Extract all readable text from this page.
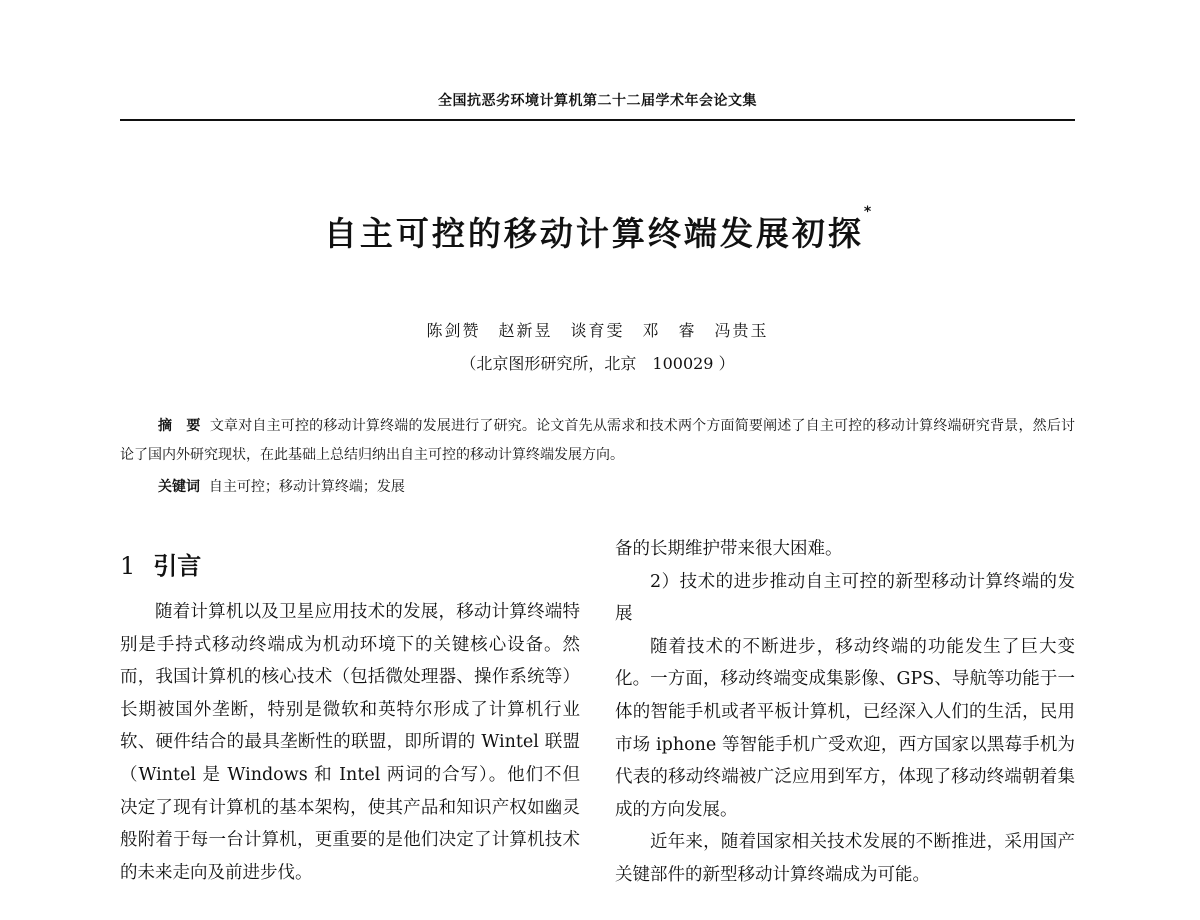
全国抗恶劣环境计算机第二十二届学术年会论文集
自主可控的移动计算终端发展初探*
陈剑赞　赵新昱　谈育雯　邓　睿　冯贵玉
（北京图形研究所，北京　100029 ）
摘　要 文章对自主可控的移动计算终端的发展进行了研究。论文首先从需求和技术两个方面简要阐述了自主可控的移动计算终端研究背景，然后讨论了国内外研究现状，在此基础上总结归纳出自主可控的移动计算终端发展方向。
关键词 自主可控；移动计算终端；发展
1 引言

随着计算机以及卫星应用技术的发展，移动计算终端特别是手持式移动终端成为机动环境下的关键核心设备。然而，我国计算机的核心技术（包括微处理器、操作系统等）长期被国外垄断，特别是微软和英特尔形成了计算机行业软、硬件结合的最具垄断性的联盟，即所谓的 Wintel 联盟（Wintel 是 Windows 和 Intel 两词的合写）。他们不但决定了现有计算机的基本架构，使其产品和知识产权如幽灵般附着于每一台计算机，更重要的是他们决定了计算机技术的未来走向及前进步伐。

备的长期维护带来很大困难。

2）技术的进步推动自主可控的新型移动计算终端的发展

随着技术的不断进步，移动终端的功能发生了巨大变化。一方面，移动终端变成集影像、GPS、导航等功能于一体的智能手机或者平板计算机，已经深入人们的生活，民用市场 iphone 等智能手机广受欢迎，西方国家以黑莓手机为代表的移动终端被广泛应用到军方，体现了移动终端朝着集成的方向发展。

近年来，随着国家相关技术发展的不断推进，采用国产关键部件的新型移动计算终端成为可能。
